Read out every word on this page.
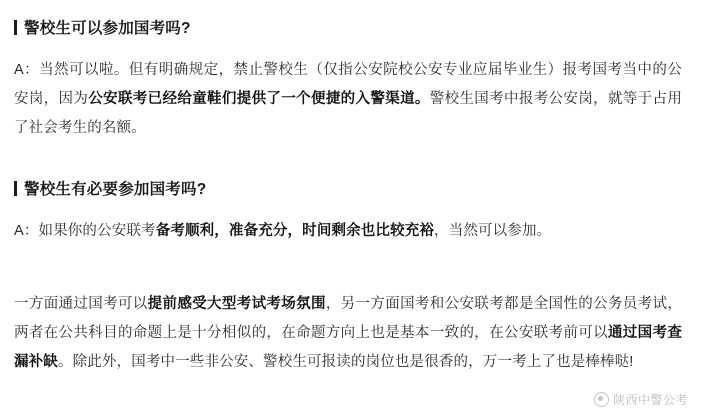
警校生可以参加国考吗?
A：当然可以啦。但有明确规定，禁止警校生（仅指公安院校公安专业应届毕业生）报考国考当中的公安岗，因为公安联考已经给童鞋们提供了一个便捷的入警渠道。警校生国考中报考公安岗，就等于占用了社会考生的名额。
警校生有必要参加国考吗?
A：如果你的公安联考备考顺利，准备充分，时间剩余也比较充裕，当然可以参加。
一方面通过国考可以提前感受大型考试考场氛围，另一方面国考和公安联考都是全国性的公务员考试，两者在公共科目的命题上是十分相似的，在命题方向上也是基本一致的，在公安联考前可以通过国考查漏补缺。除此外，国考中一些非公安、警校生可报读的岗位也是很香的，万一考上了也是棒棒哒!
陕西中警公考
